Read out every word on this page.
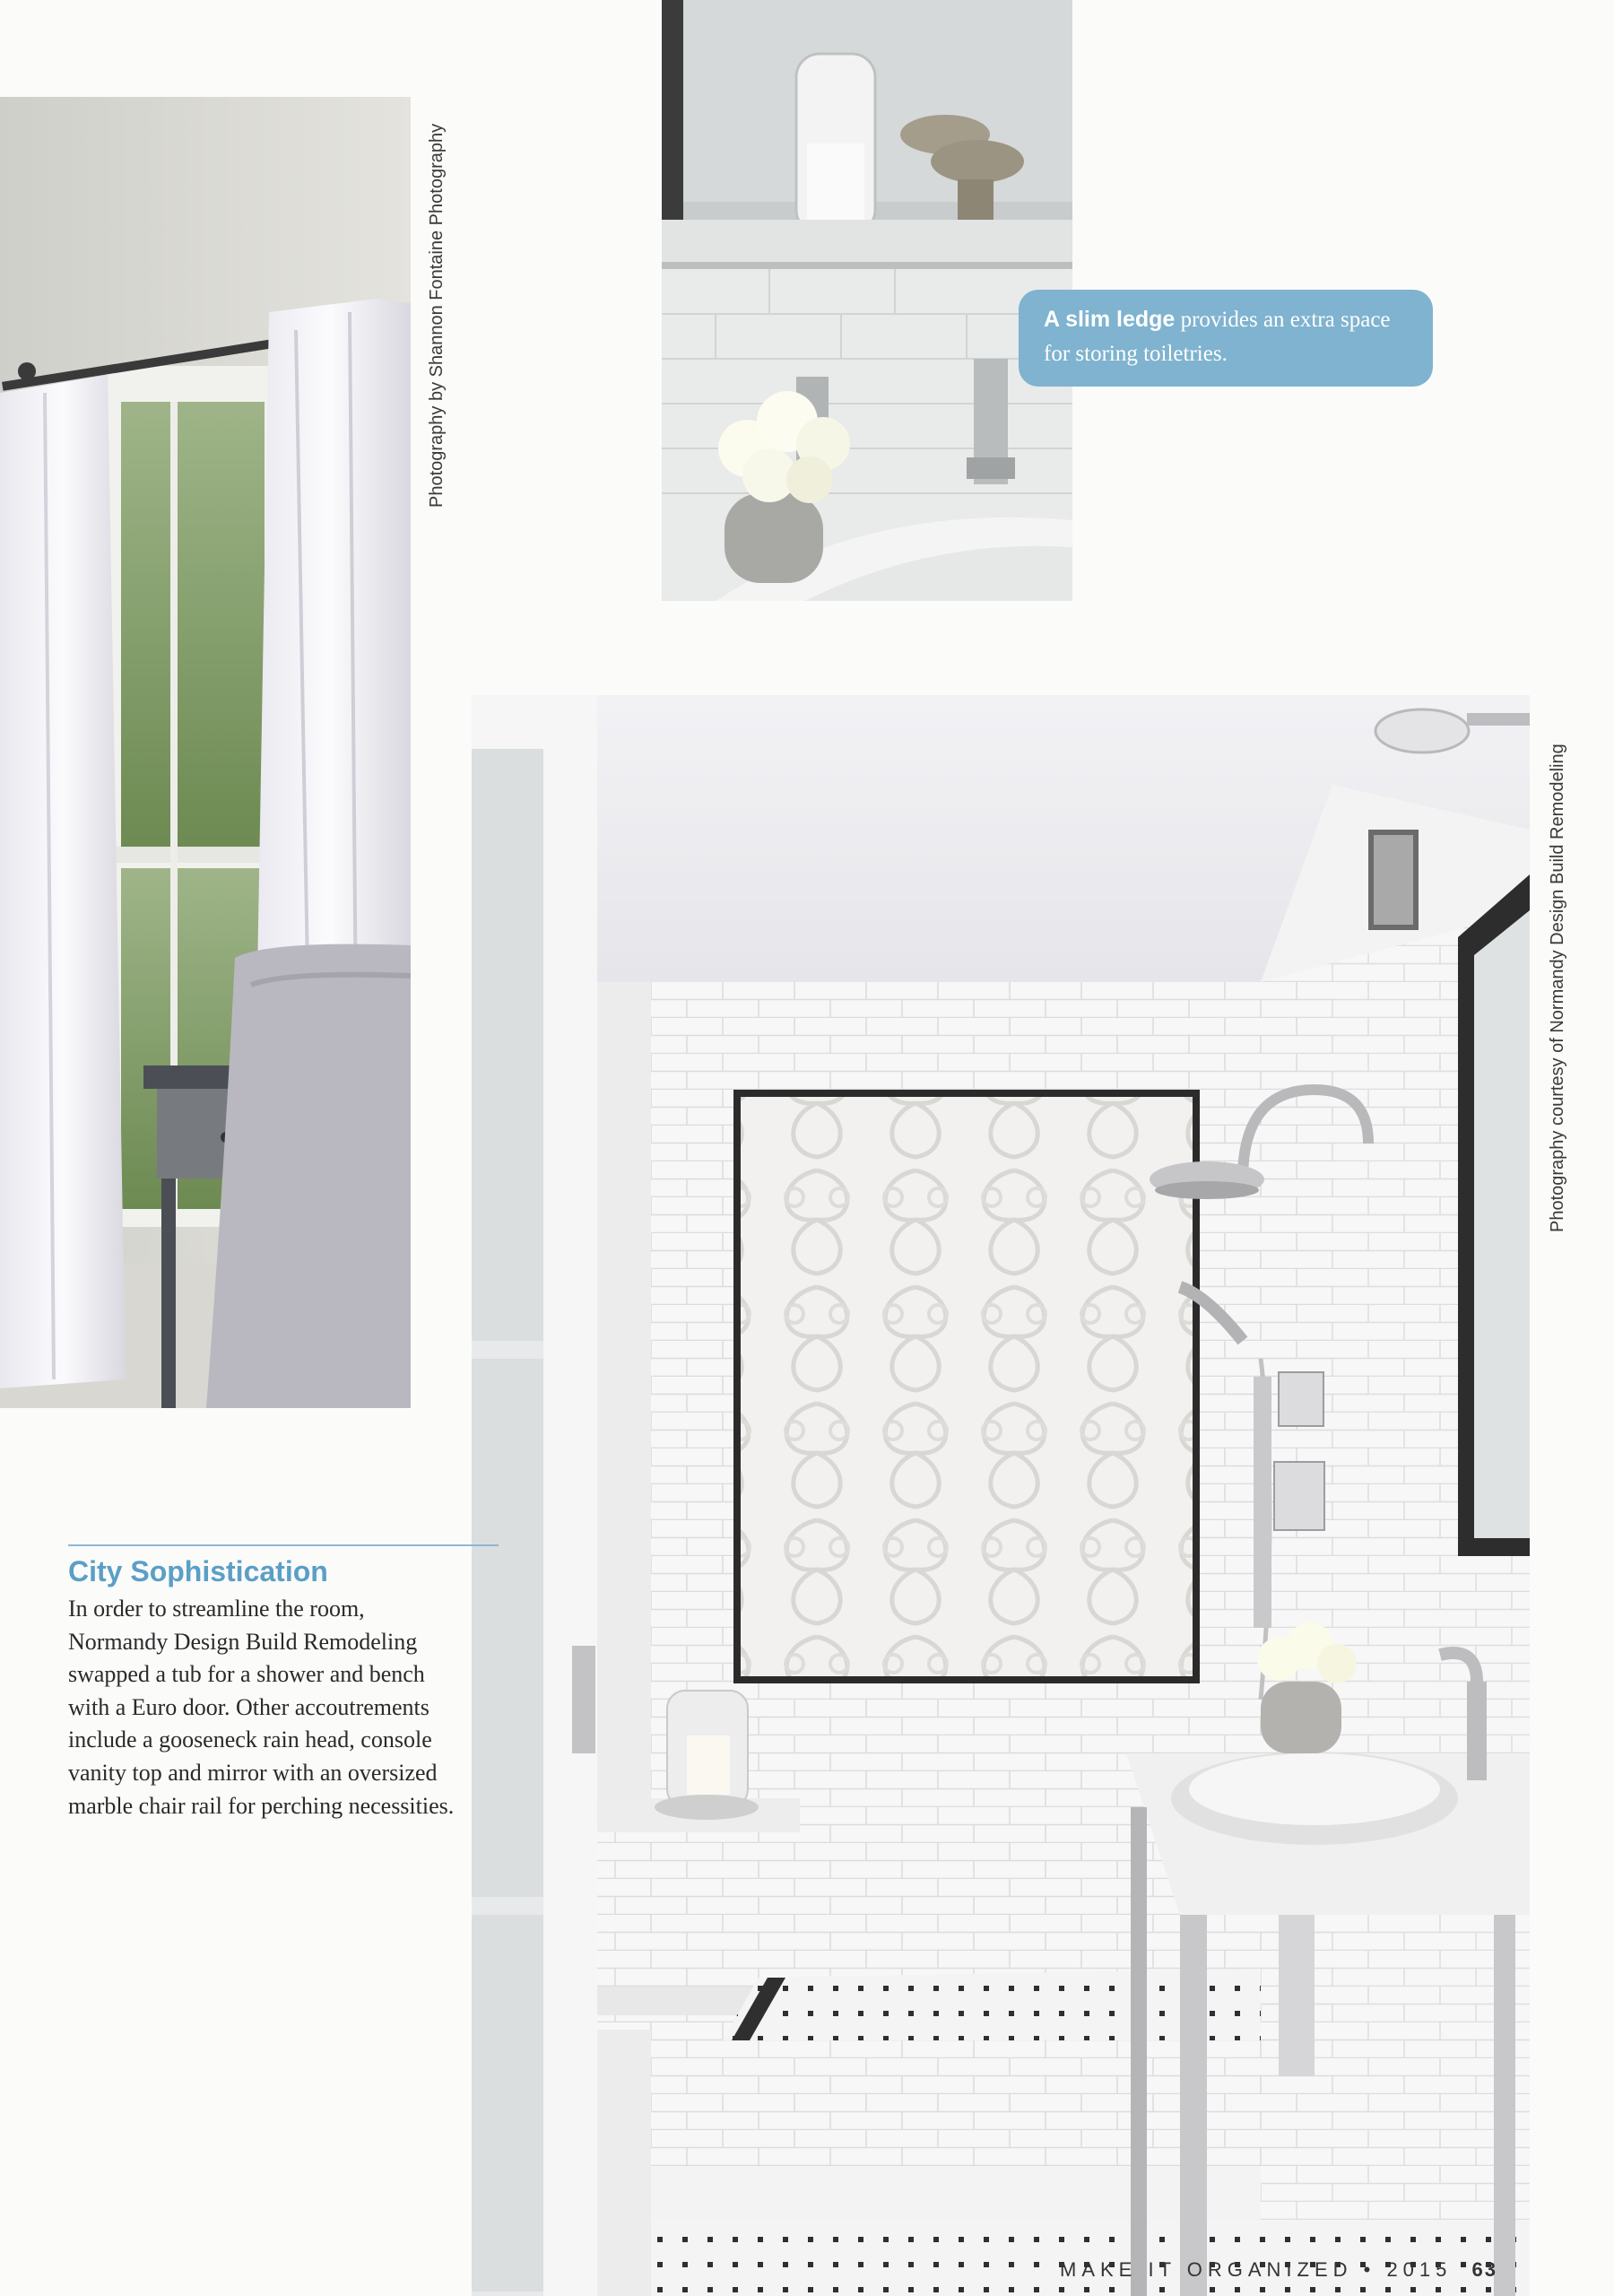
Photography by Shannon Fontaine Photography	A slim ledge provides an extra space for storing toiletries.
Photography courtesy of Normandy Design Build Remodeling
City Sophistication
In order to streamline the room, Normandy Design Build Remodeling swapped a tub for a shower and bench with a Euro door. Other accoutrements include a gooseneck rain head, console vanity top and mirror with an oversized marble chair rail for perching necessities.
MAKE IT ORGANIZED • 2015 63
